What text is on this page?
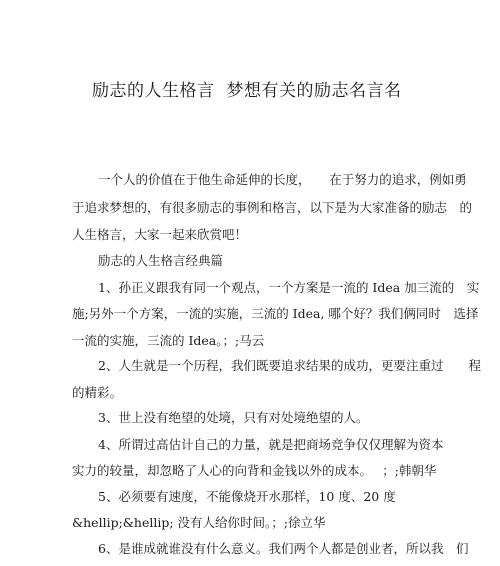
励志的人生格言 梦想有关的励志名言名
一个人的价值在于他生命延伸的长度，　　在于努力的追求，例如勇
于追求梦想的，有很多励志的事例和格言，以下是为大家准备的励志　的
人生格言，大家一起来欣赏吧！
励志的人生格言经典篇
1、孙正义跟我有同一个观点，一个方案是一流的 Idea 加三流的　实
施;另外一个方案，一流的实施，三流的 Idea, 哪个好？我们俩同时　选择
一流的实施，三流的 Idea。；;马云
2、人生就是一个历程，我们既要追求结果的成功，更要注重过　　程
的精彩。
3、世上没有绝望的处境，只有对处境绝望的人。
4、所谓过高估计自己的力量，就是把商场竞争仅仅理解为资本
实力的较量，却忽略了人心的向背和金钱以外的成本。　 ；;韩朝华
5、必须要有速度，不能像烧开水那样，10 度、20 度
&hellip;&hellip; 没有人给你时间。；;徐立华
6、是谁成就谁没有什么意义。我们两个人都是创业者，所以我　们
